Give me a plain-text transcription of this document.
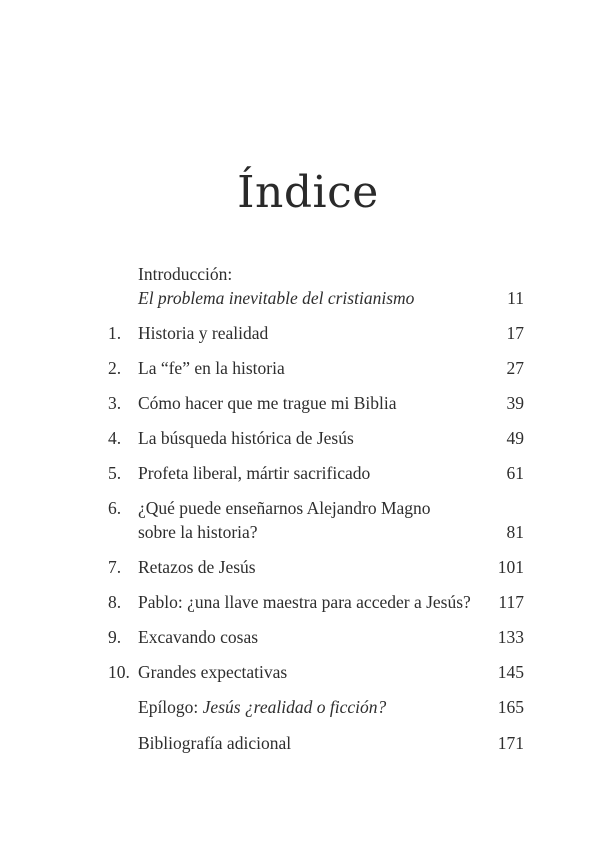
Índice
Introducción:
El problema inevitable del cristianismo	11
1. Historia y realidad	17
2. La “fe” en la historia	27
3. Cómo hacer que me trague mi Biblia	39
4. La búsqueda histórica de Jesús	49
5. Profeta liberal, mártir sacrificado	61
6. ¿Qué puede enseñarnos Alejandro Magno
sobre la historia?	81
7. Retazos de Jesús	101
8. Pablo: ¿una llave maestra para acceder a Jesús? 117
9. Excavando cosas	133
10. Grandes expectativas	145
Epílogo: Jesús ¿realidad o ficción?	165
Bibliografía adicional	171
